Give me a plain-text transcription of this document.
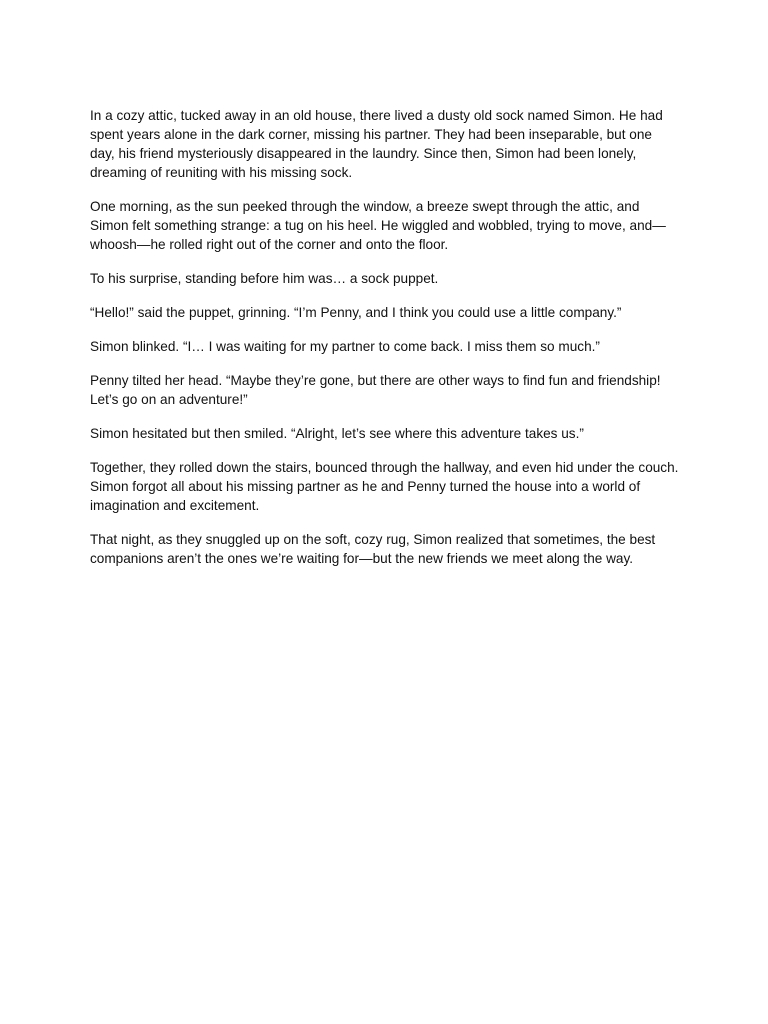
In a cozy attic, tucked away in an old house, there lived a dusty old sock named Simon. He had spent years alone in the dark corner, missing his partner. They had been inseparable, but one day, his friend mysteriously disappeared in the laundry. Since then, Simon had been lonely, dreaming of reuniting with his missing sock.

One morning, as the sun peeked through the window, a breeze swept through the attic, and Simon felt something strange: a tug on his heel. He wiggled and wobbled, trying to move, and—whoosh—he rolled right out of the corner and onto the floor.

To his surprise, standing before him was… a sock puppet.

“Hello!” said the puppet, grinning. “I’m Penny, and I think you could use a little company.”

Simon blinked. “I… I was waiting for my partner to come back. I miss them so much.”

Penny tilted her head. “Maybe they’re gone, but there are other ways to find fun and friendship! Let’s go on an adventure!”

Simon hesitated but then smiled. “Alright, let’s see where this adventure takes us.”

Together, they rolled down the stairs, bounced through the hallway, and even hid under the couch. Simon forgot all about his missing partner as he and Penny turned the house into a world of imagination and excitement.

That night, as they snuggled up on the soft, cozy rug, Simon realized that sometimes, the best companions aren’t the ones we’re waiting for—but the new friends we meet along the way.
